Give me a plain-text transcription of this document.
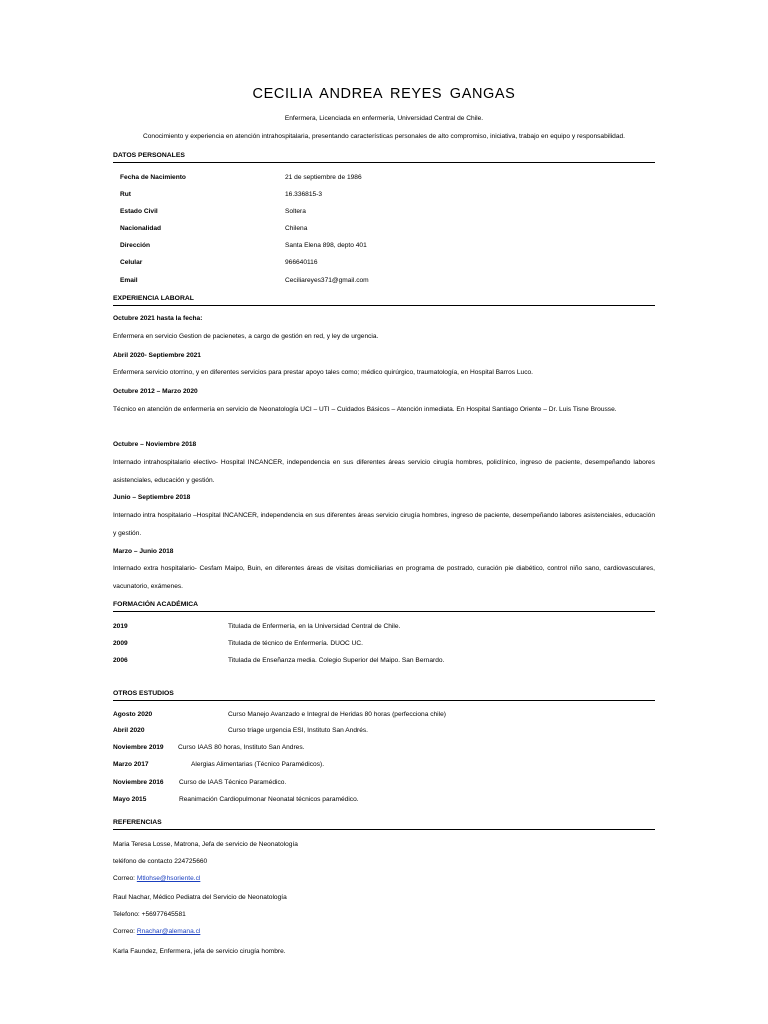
CECILIA ANDREA REYES GANGAS
Enfermera, Licenciada en enfermería, Universidad Central de Chile.
Conocimiento y experiencia en atención intrahospitalaria, presentando características personales de alto compromiso, iniciativa, trabajo en equipo y responsabilidad.
DATOS PERSONALES
Fecha de Nacimiento	21 de septiembre de 1986
Rut	16.336815-3
Estado Civil	Soltera
Nacionalidad	Chilena
Dirección	Santa Elena 898, depto 401
Celular	966640116
Email	Ceciliareyes371@gmail.com
EXPERIENCIA LABORAL
Octubre 2021 hasta la fecha:
Enfermera en servicio Gestion de pacienetes, a cargo de gestión en red, y ley de urgencia.
Abril 2020- Septiembre 2021
Enfermera servicio otorrino, y en diferentes servicios para prestar apoyo tales como; médico quirúrgico, traumatología, en Hospital Barros Luco.
Octubre 2012 – Marzo 2020
Técnico en atención de enfermería en servicio de Neonatología UCI – UTI – Cuidados Básicos – Atención inmediata. En Hospital Santiago Oriente – Dr. Luis Tisne Brousse.
Octubre – Noviembre 2018
Internado intrahospitalario electivo- Hospital INCANCER, independencia en sus diferentes áreas servicio cirugía hombres, policlínico, ingreso de paciente, desempeñando labores asistenciales, educación y gestión.
Junio – Septiembre 2018
Internado intra hospitalario –Hospital INCANCER, independencia en sus diferentes áreas servicio cirugía hombres, ingreso de paciente, desempeñando labores asistenciales, educación y gestión.
Marzo – Junio 2018
Internado extra hospitalario- Cesfam Maipo, Buin, en diferentes áreas de visitas domiciliarias en programa de postrado, curación pie diabético, control niño sano, cardiovasculares, vacunatorio, exámenes.
FORMACIÓN ACADÉMICA
2019	Titulada de Enfermería, en la Universidad Central de Chile.
2009	Titulada de técnico de Enfermería. DUOC UC.
2006	Titulada de Enseñanza media. Colegio Superior del Maipo. San Bernardo.
OTROS ESTUDIOS
Agosto 2020	Curso Manejo Avanzado e Integral de Heridas 80 horas (perfecciona chile)
Abril 2020	Curso triage urgencia ESI, Instituto San Andrés.
Noviembre 2019 Curso IAAS 80 horas, Instituto San Andres.
Marzo 2017	Alergias Alimentarias (Técnico Paramédicos).
Noviembre 2016 Curso de IAAS Técnico Paramédico.
Mayo 2015	Reanimación Cardiopulmonar Neonatal técnicos paramédico.
REFERENCIAS
Maria Teresa Losse, Matrona, Jefa de servicio de Neonatología
teléfono de contacto 224725660
Correo: Mtlohse@hsoriente.cl
Raul Nachar, Médico Pediatra del Servicio de Neonatología
Telefono: +56977645581
Correo: Rnachar@alemana.cl
Karla Faundez, Enfermera, jefa de servicio cirugía hombre.
